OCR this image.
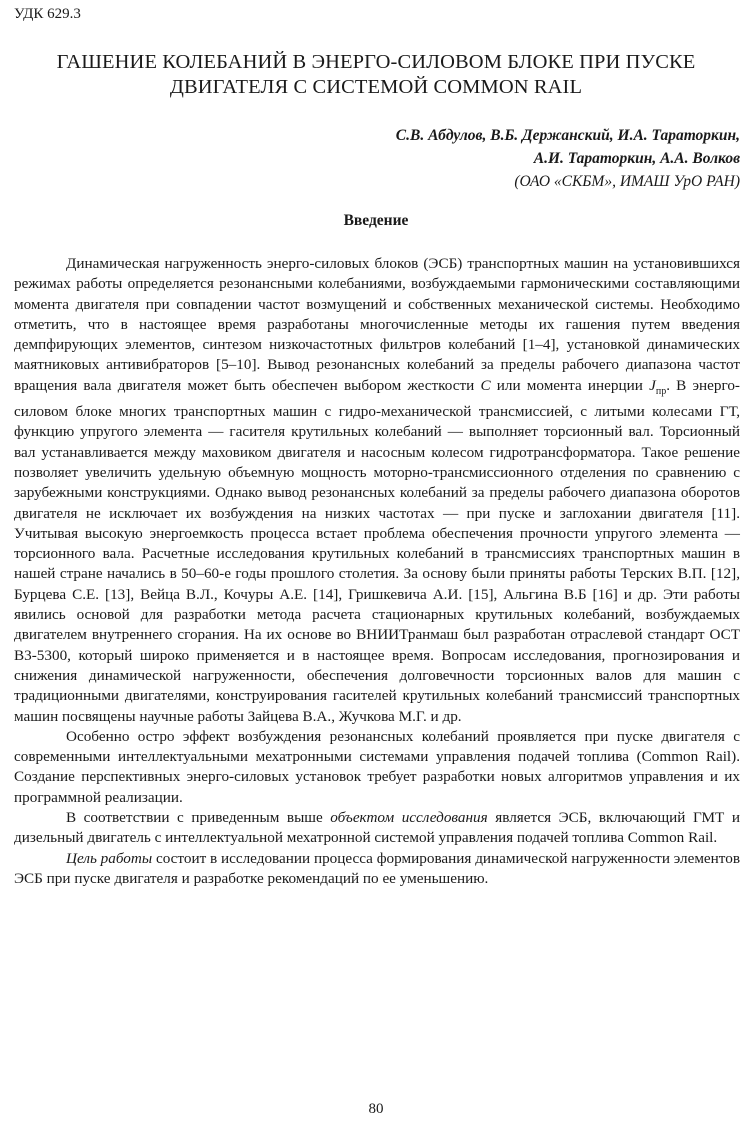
УДК 629.3
ГАШЕНИЕ КОЛЕБАНИЙ В ЭНЕРГО-СИЛОВОМ БЛОКЕ ПРИ ПУСКЕ
ДВИГАТЕЛЯ С СИСТЕМОЙ COMMON RAIL
С.В. Абдулов, В.Б. Держанский, И.А. Тараторкин,
А.И. Тараторкин, А.А. Волков
(ОАО «СКБМ», ИМАШ УрО РАН)
Введение

Динамическая нагруженность энерго-силовых блоков (ЭСБ) транспортных машин на установившихся режимах работы определяется резонансными колебаниями, возбуждаемыми гармоническими составляющими момента двигателя при совпадении частот возмущений и собственных механической системы. Необходимо отметить, что в настоящее время разработаны многочисленные методы их гашения путем введения демпфирующих элементов, синтезом низкочастотных фильтров колебаний [1–4], установкой динамических маятниковых антивибраторов [5–10]. Вывод резонансных колебаний за пределы рабочего диапазона частот вращения вала двигателя может быть обеспечен выбором жесткости C или момента инерции $J_{пр}$. В энерго-силовом блоке многих транспортных машин с гидро-механической трансмиссией, с литыми колесами ГТ, функцию упругого элемента — гасителя крутильных колебаний — выполняет торсионный вал. Торсионный вал устанавливается между маховиком двигателя и насосным колесом гидротрансформатора. Такое решение позволяет увеличить удельную объемную мощность моторно-трансмиссионного отделения по сравнению с зарубежными конструкциями. Однако вывод резонансных колебаний за пределы рабочего диапазона оборотов двигателя не исключает их возбуждения на низких частотах — при пуске и заглохании двигателя [11]. Учитывая высокую энергоемкость процесса встает проблема обеспечения прочности упругого элемента — торсионного вала. Расчетные исследования крутильных колебаний в трансмиссиях транспортных машин в нашей стране начались в 50–60-е годы прошлого столетия. За основу были приняты работы Терских В.П. [12], Бурцева С.Е. [13], Вейца В.Л., Кочуры А.Е. [14], Гришкевича А.И. [15], Альгина В.Б [16] и др. Эти работы явились основой для разработки метода расчета стационарных крутильных колебаний, возбуждаемых двигателем внутреннего сгорания. На их основе во ВНИИТранмаш был разработан отраслевой стандарт ОСТ В3-5300, который широко применяется и в настоящее время. Вопросам исследования, прогнозирования и снижения динамической нагруженности, обеспечения долговечности торсионных валов для машин с традиционными двигателями, конструирования гасителей крутильных колебаний трансмиссий транспортных машин посвящены научные работы Зайцева В.А., Жучкова М.Г. и др.

Особенно остро эффект возбуждения резонансных колебаний проявляется при пуске двигателя с современными интеллектуальными мехатронными системами управления подачей топлива (Common Rail). Создание перспективных энерго-силовых установок требует разработки новых алгоритмов управления и их программной реализации.

В соответствии с приведенным выше объектом исследования является ЭСБ, включающий ГМТ и дизельный двигатель с интеллектуальной мехатронной системой управления подачей топлива Common Rail.

Цель работы состоит в исследовании процесса формирования динамической нагруженности элементов ЭСБ при пуске двигателя и разработке рекомендаций по ее уменьшению.

80
